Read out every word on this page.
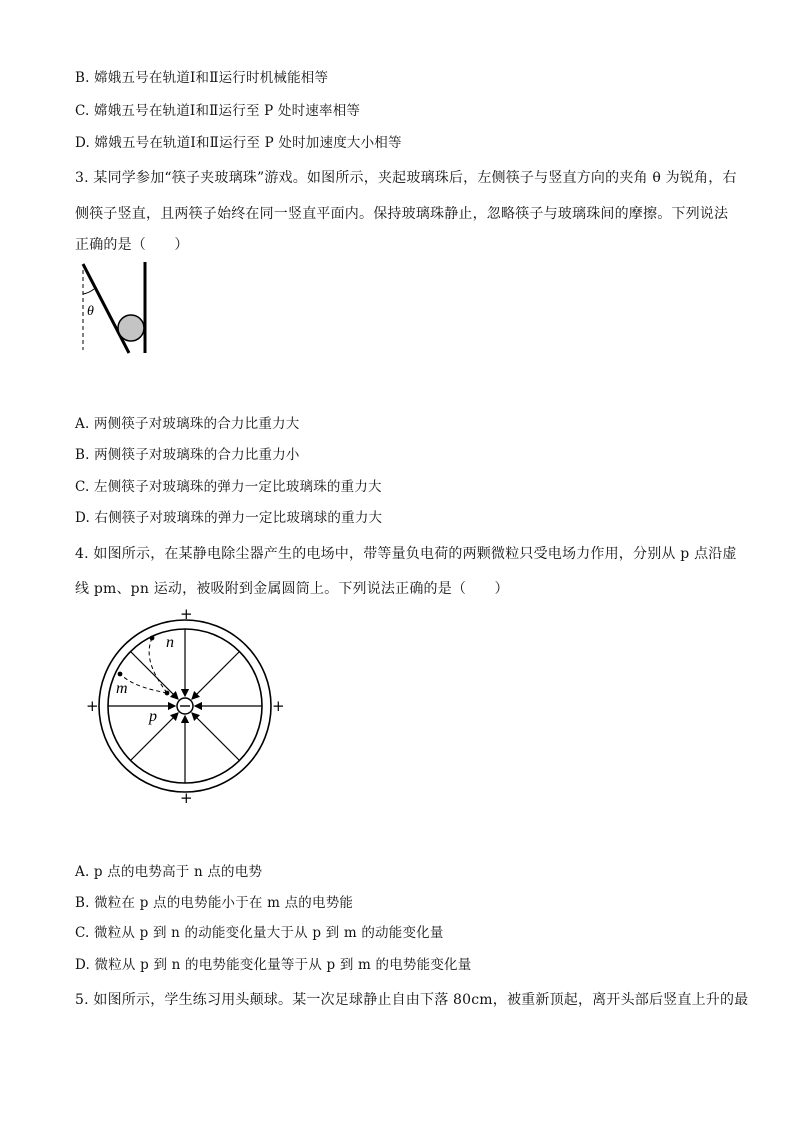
B. 嫦娥五号在轨道Ⅰ和Ⅱ运行时机械能相等
C. 嫦娥五号在轨道Ⅰ和Ⅱ运行至 P 处时速率相等
D. 嫦娥五号在轨道Ⅰ和Ⅱ运行至 P 处时加速度大小相等
3. 某同学参加“筷子夹玻璃珠”游戏。如图所示，夹起玻璃珠后，左侧筷子与竖直方向的夹角 θ 为锐角，右
侧筷子竖直，且两筷子始终在同一竖直平面内。保持玻璃珠静止，忽略筷子与玻璃珠间的摩擦。下列说法
正确的是（　　）
θ
A. 两侧筷子对玻璃珠的合力比重力大
B. 两侧筷子对玻璃珠的合力比重力小
C. 左侧筷子对玻璃珠的弹力一定比玻璃珠的重力大
D. 右侧筷子对玻璃珠的弹力一定比玻璃球的重力大
4. 如图所示，在某静电除尘器产生的电场中，带等量负电荷的两颗微粒只受电场力作用，分别从 p 点沿虚
线 pm、pn 运动，被吸附到金属圆筒上。下列说法正确的是（　　）
n
m
p
+
+
+	+
A. p 点的电势高于 n 点的电势
B. 微粒在 p 点的电势能小于在 m 点的电势能
C. 微粒从 p 到 n 的动能变化量大于从 p 到 m 的动能变化量
D. 微粒从 p 到 n 的电势能变化量等于从 p 到 m 的电势能变化量
5. 如图所示，学生练习用头颠球。某一次足球静止自由下落 80cm，被重新顶起，离开头部后竖直上升的最
